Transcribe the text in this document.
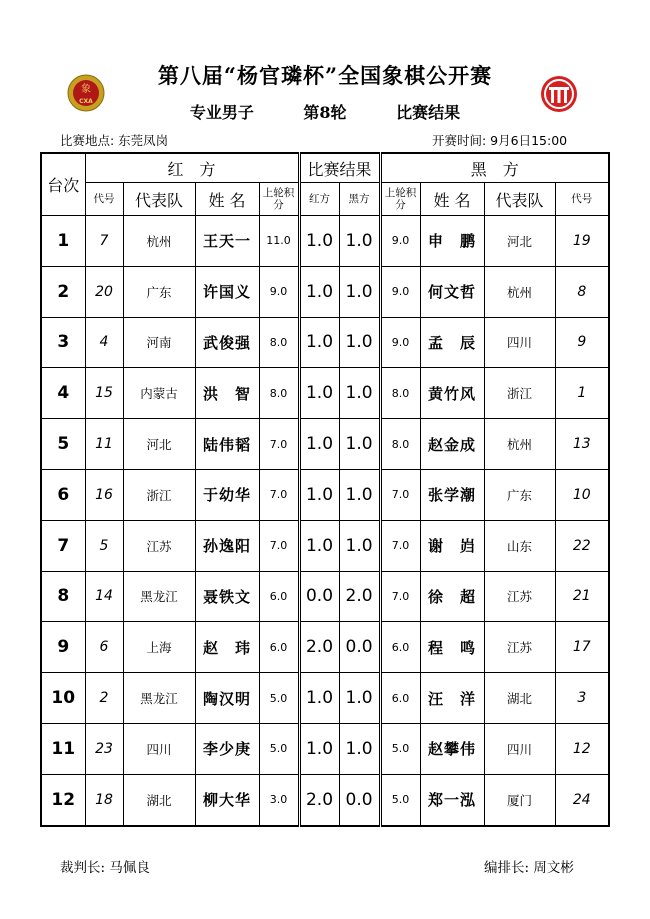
第八届“杨官璘杯”全国象棋公开赛
象
CXA
专业男子	第8轮	比赛结果
比赛地点: 东莞凤岗	开赛时间: 9月6日15:00
台次	红　方				比赛结果		黑　方			
	代号	代表队	姓 名	上轮积分	红方	黑方	上轮积分	姓 名	代表队	代号
1	7	杭州	王天一	11.0	1.0	1.0	9.0	申　鹏	河北	19
2	20	广东	许国义	9.0	1.0	1.0	9.0	何文哲	杭州	8
3	4	河南	武俊强	8.0	1.0	1.0	9.0	孟　辰	四川	9
4	15	内蒙古	洪　智	8.0	1.0	1.0	8.0	黄竹风	浙江	1
5	11	河北	陆伟韬	7.0	1.0	1.0	8.0	赵金成	杭州	13
6	16	浙江	于幼华	7.0	1.0	1.0	7.0	张学潮	广东	10
7	5	江苏	孙逸阳	7.0	1.0	1.0	7.0	谢　岿	山东	22
8	14	黑龙江	聂铁文	6.0	0.0	2.0	7.0	徐　超	江苏	21
9	6	上海	赵　玮	6.0	2.0	0.0	6.0	程　鸣	江苏	17
10	2	黑龙江	陶汉明	5.0	1.0	1.0	6.0	汪　洋	湖北	3
11	23	四川	李少庚	5.0	1.0	1.0	5.0	赵攀伟	四川	12
12	18	湖北	柳大华	3.0	2.0	0.0	5.0	郑一泓	厦门	24
裁判长: 马佩良	编排长: 周文彬
